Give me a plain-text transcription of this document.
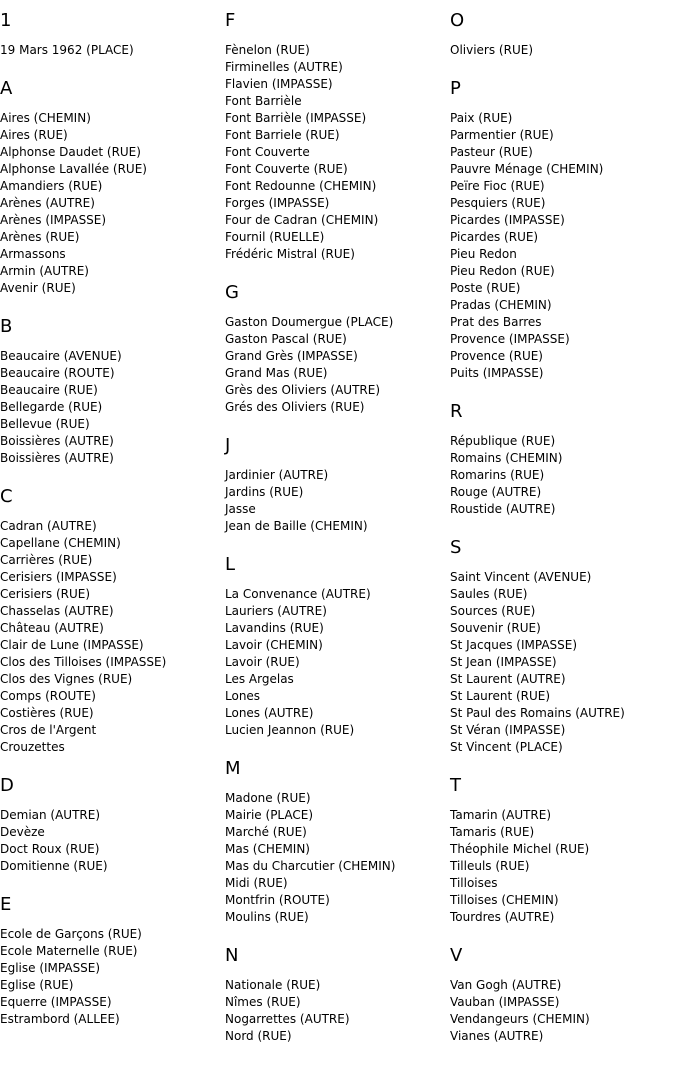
1
19 Mars 1962 (PLACE)
A
Aires (CHEMIN)
Aires (RUE)
Alphonse Daudet (RUE)
Alphonse Lavallée (RUE)
Amandiers (RUE)
Arènes (AUTRE)
Arènes (IMPASSE)
Arènes (RUE)
Armassons
Armin (AUTRE)
Avenir (RUE)
B
Beaucaire (AVENUE)
Beaucaire (ROUTE)
Beaucaire (RUE)
Bellegarde (RUE)
Bellevue (RUE)
Boissières (AUTRE)
Boissières (AUTRE)
C
Cadran (AUTRE)
Capellane (CHEMIN)
Carrières (RUE)
Cerisiers (IMPASSE)
Cerisiers (RUE)
Chasselas (AUTRE)
Château (AUTRE)
Clair de Lune (IMPASSE)
Clos des Tilloises (IMPASSE)
Clos des Vignes (RUE)
Comps (ROUTE)
Costières (RUE)
Cros de l'Argent
Crouzettes
D
Demian (AUTRE)
Devèze
Doct Roux (RUE)
Domitienne (RUE)
E
Ecole de Garçons (RUE)
Ecole Maternelle (RUE)
Eglise (IMPASSE)
Eglise (RUE)
Equerre (IMPASSE)
Estrambord (ALLEE)
F
Fènelon (RUE)
Firminelles (AUTRE)
Flavien (IMPASSE)
Font Barrièle
Font Barrièle (IMPASSE)
Font Barriele (RUE)
Font Couverte
Font Couverte (RUE)
Font Redounne (CHEMIN)
Forges (IMPASSE)
Four de Cadran (CHEMIN)
Fournil (RUELLE)
Frédéric Mistral (RUE)
G
Gaston Doumergue (PLACE)
Gaston Pascal (RUE)
Grand Grès (IMPASSE)
Grand Mas (RUE)
Grès des Oliviers (AUTRE)
Grés des Oliviers (RUE)
J
Jardinier (AUTRE)
Jardins (RUE)
Jasse
Jean de Baille (CHEMIN)
L
La Convenance (AUTRE)
Lauriers (AUTRE)
Lavandins (RUE)
Lavoir (CHEMIN)
Lavoir (RUE)
Les Argelas
Lones
Lones (AUTRE)
Lucien Jeannon (RUE)
M
Madone (RUE)
Mairie (PLACE)
Marché (RUE)
Mas (CHEMIN)
Mas du Charcutier (CHEMIN)
Midi (RUE)
Montfrin (ROUTE)
Moulins (RUE)
N
Nationale (RUE)
Nîmes (RUE)
Nogarrettes (AUTRE)
Nord (RUE)
O
Oliviers (RUE)
P
Paix (RUE)
Parmentier (RUE)
Pasteur (RUE)
Pauvre Ménage (CHEMIN)
Peïre Fioc (RUE)
Pesquiers (RUE)
Picardes (IMPASSE)
Picardes (RUE)
Pieu Redon
Pieu Redon (RUE)
Poste (RUE)
Pradas (CHEMIN)
Prat des Barres
Provence (IMPASSE)
Provence (RUE)
Puits (IMPASSE)
R
République (RUE)
Romains (CHEMIN)
Romarins (RUE)
Rouge (AUTRE)
Roustide (AUTRE)
S
Saint Vincent (AVENUE)
Saules (RUE)
Sources (RUE)
Souvenir (RUE)
St Jacques (IMPASSE)
St Jean (IMPASSE)
St Laurent (AUTRE)
St Laurent (RUE)
St Paul des Romains (AUTRE)
St Véran (IMPASSE)
St Vincent (PLACE)
T
Tamarin (AUTRE)
Tamaris (RUE)
Théophile Michel (RUE)
Tilleuls (RUE)
Tilloises
Tilloises (CHEMIN)
Tourdres (AUTRE)
V
Van Gogh (AUTRE)
Vauban (IMPASSE)
Vendangeurs (CHEMIN)
Vianes (AUTRE)
